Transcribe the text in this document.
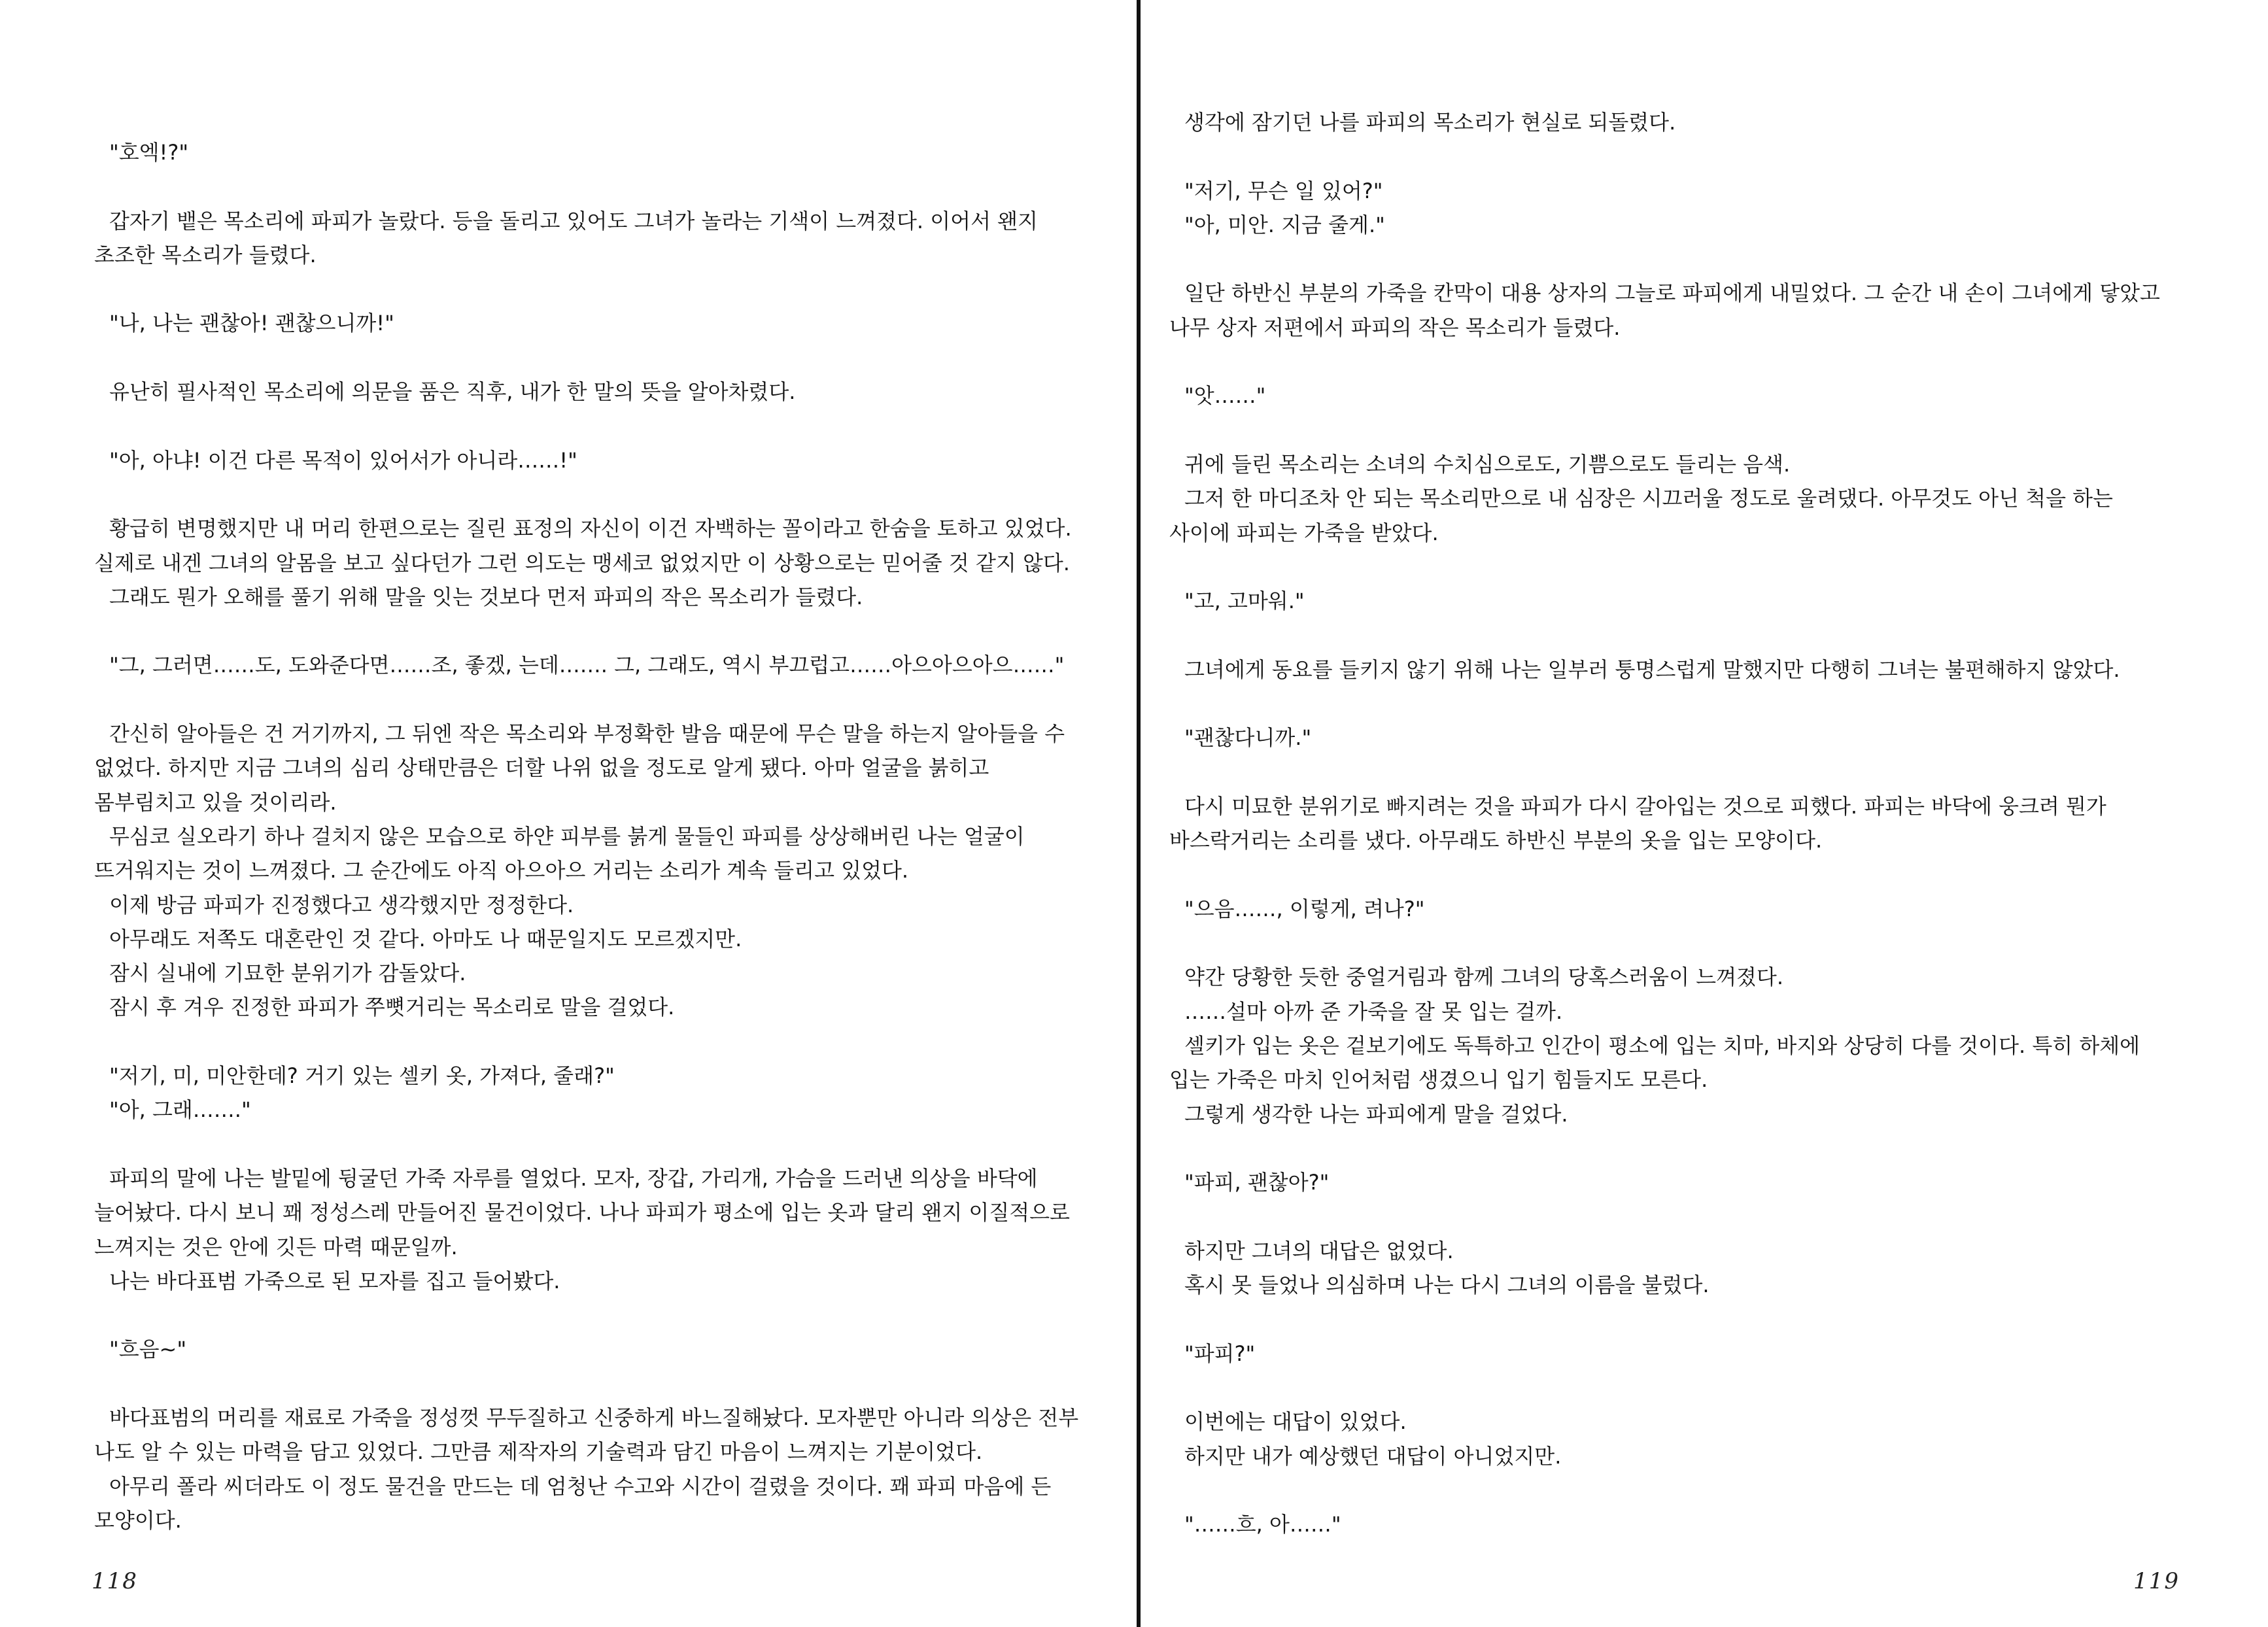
"호엑!?"
갑자기 뱉은 목소리에 파피가 놀랐다. 등을 돌리고 있어도 그녀가 놀라는 기색이 느껴졌다. 이어서 왠지
초조한 목소리가 들렸다.
"나, 나는 괜찮아! 괜찮으니까!"
유난히 필사적인 목소리에 의문을 품은 직후, 내가 한 말의 뜻을 알아차렸다.
"아, 아냐! 이건 다른 목적이 있어서가 아니라……!"
황급히 변명했지만 내 머리 한편으로는 질린 표정의 자신이 이건 자백하는 꼴이라고 한숨을 토하고 있었다.
실제로 내겐 그녀의 알몸을 보고 싶다던가 그런 의도는 맹세코 없었지만 이 상황으로는 믿어줄 것 같지 않다.
그래도 뭔가 오해를 풀기 위해 말을 잇는 것보다 먼저 파피의 작은 목소리가 들렸다.
"그, 그러면……도, 도와준다면……조, 좋겠, 는데……. 그, 그래도, 역시 부끄럽고……아으아으아으……"
간신히 알아들은 건 거기까지, 그 뒤엔 작은 목소리와 부정확한 발음 때문에 무슨 말을 하는지 알아들을 수
없었다. 하지만 지금 그녀의 심리 상태만큼은 더할 나위 없을 정도로 알게 됐다. 아마 얼굴을 붉히고
몸부림치고 있을 것이리라.
무심코 실오라기 하나 걸치지 않은 모습으로 하얀 피부를 붉게 물들인 파피를 상상해버린 나는 얼굴이
뜨거워지는 것이 느껴졌다. 그 순간에도 아직 아으아으 거리는 소리가 계속 들리고 있었다.
이제 방금 파피가 진정했다고 생각했지만 정정한다.
아무래도 저쪽도 대혼란인 것 같다. 아마도 나 때문일지도 모르겠지만.
잠시 실내에 기묘한 분위기가 감돌았다.
잠시 후 겨우 진정한 파피가 쭈뼛거리는 목소리로 말을 걸었다.
"저기, 미, 미안한데? 거기 있는 셀키 옷, 가져다, 줄래?"
"아, 그래……."
파피의 말에 나는 발밑에 뒹굴던 가죽 자루를 열었다. 모자, 장갑, 가리개, 가슴을 드러낸 의상을 바닥에
늘어놨다. 다시 보니 꽤 정성스레 만들어진 물건이었다. 나나 파피가 평소에 입는 옷과 달리 왠지 이질적으로
느껴지는 것은 안에 깃든 마력 때문일까.
나는 바다표범 가죽으로 된 모자를 집고 들어봤다.
"흐음~"
바다표범의 머리를 재료로 가죽을 정성껏 무두질하고 신중하게 바느질해놨다. 모자뿐만 아니라 의상은 전부
나도 알 수 있는 마력을 담고 있었다. 그만큼 제작자의 기술력과 담긴 마음이 느껴지는 기분이었다.
아무리 폴라 씨더라도 이 정도 물건을 만드는 데 엄청난 수고와 시간이 걸렸을 것이다. 꽤 파피 마음에 든
모양이다.
118
생각에 잠기던 나를 파피의 목소리가 현실로 되돌렸다.
"저기, 무슨 일 있어?"
"아, 미안. 지금 줄게."
일단 하반신 부분의 가죽을 칸막이 대용 상자의 그늘로 파피에게 내밀었다. 그 순간 내 손이 그녀에게 닿았고
나무 상자 저편에서 파피의 작은 목소리가 들렸다.
"앗……"
귀에 들린 목소리는 소녀의 수치심으로도, 기쁨으로도 들리는 음색.
그저 한 마디조차 안 되는 목소리만으로 내 심장은 시끄러울 정도로 울려댔다. 아무것도 아닌 척을 하는
사이에 파피는 가죽을 받았다.
"고, 고마워."
그녀에게 동요를 들키지 않기 위해 나는 일부러 퉁명스럽게 말했지만 다행히 그녀는 불편해하지 않았다.
"괜찮다니까."
다시 미묘한 분위기로 빠지려는 것을 파피가 다시 갈아입는 것으로 피했다. 파피는 바닥에 웅크려 뭔가
바스락거리는 소리를 냈다. 아무래도 하반신 부분의 옷을 입는 모양이다.
"으음……, 이렇게, 려나?"
약간 당황한 듯한 중얼거림과 함께 그녀의 당혹스러움이 느껴졌다.
……설마 아까 준 가죽을 잘 못 입는 걸까.
셀키가 입는 옷은 겉보기에도 독특하고 인간이 평소에 입는 치마, 바지와 상당히 다를 것이다. 특히 하체에
입는 가죽은 마치 인어처럼 생겼으니 입기 힘들지도 모른다.
그렇게 생각한 나는 파피에게 말을 걸었다.
"파피, 괜찮아?"
하지만 그녀의 대답은 없었다.
혹시 못 들었나 의심하며 나는 다시 그녀의 이름을 불렀다.
"파피?"
이번에는 대답이 있었다.
하지만 내가 예상했던 대답이 아니었지만.
"……흐, 아……"
119
